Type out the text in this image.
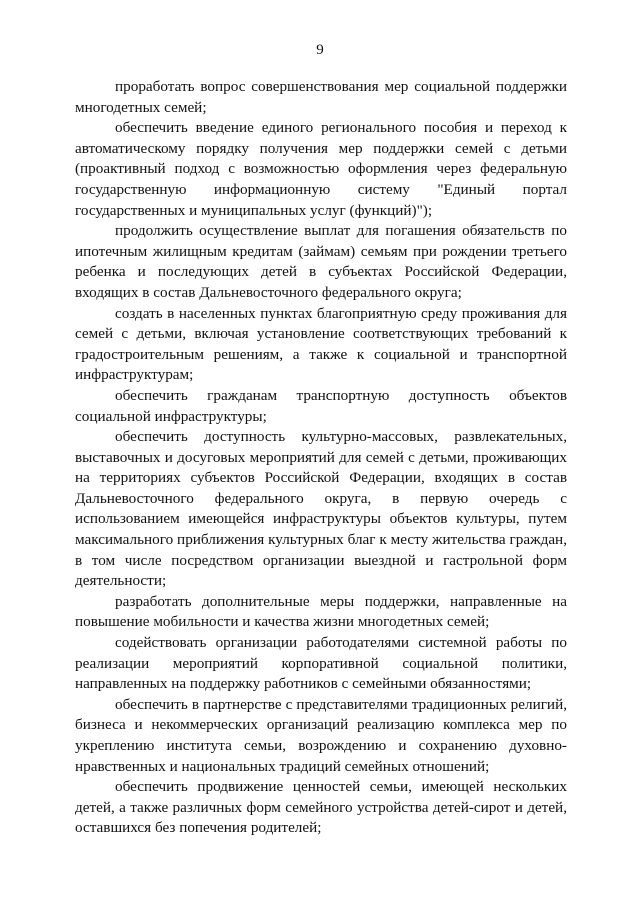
9

проработать вопрос совершенствования мер социальной поддержки многодетных семей;

обеспечить введение единого регионального пособия и переход к автоматическому порядку получения мер поддержки семей с детьми (проактивный подход с возможностью оформления через федеральную государственную информационную систему "Единый портал государственных и муниципальных услуг (функций)");

продолжить осуществление выплат для погашения обязательств по ипотечным жилищным кредитам (займам) семьям при рождении третьего ребенка и последующих детей в субъектах Российской Федерации, входящих в состав Дальневосточного федерального округа;

создать в населенных пунктах благоприятную среду проживания для семей с детьми, включая установление соответствующих требований к градостроительным решениям, а также к социальной и транспортной инфраструктурам;

обеспечить гражданам транспортную доступность объектов социальной инфраструктуры;

обеспечить доступность культурно-массовых, развлекательных, выставочных и досуговых мероприятий для семей с детьми, проживающих на территориях субъектов Российской Федерации, входящих в состав Дальневосточного федерального округа, в первую очередь с использованием имеющейся инфраструктуры объектов культуры, путем максимального приближения культурных благ к месту жительства граждан, в том числе посредством организации выездной и гастрольной форм деятельности;

разработать дополнительные меры поддержки, направленные на повышение мобильности и качества жизни многодетных семей;

содействовать организации работодателями системной работы по реализации мероприятий корпоративной социальной политики, направленных на поддержку работников с семейными обязанностями;

обеспечить в партнерстве с представителями традиционных религий, бизнеса и некоммерческих организаций реализацию комплекса мер по укреплению института семьи, возрождению и сохранению духовно-нравственных и национальных традиций семейных отношений;

обеспечить продвижение ценностей семьи, имеющей нескольких детей, а также различных форм семейного устройства детей-сирот и детей, оставшихся без попечения родителей;
